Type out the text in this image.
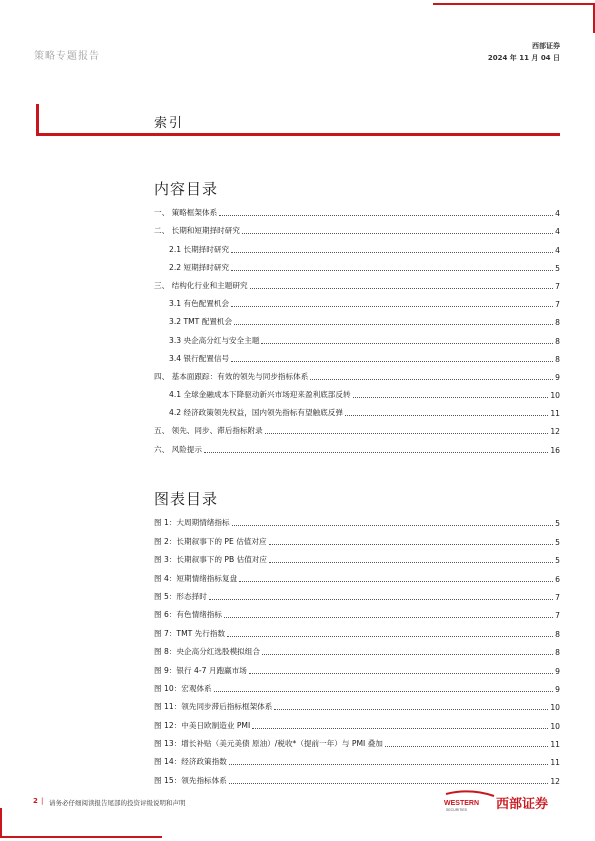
策略专题报告
西部证券
2024 年 11 月 04 日
索引
内容目录
一、 策略框架体系	4
二、 长期和短期择时研究	4
2.1 长期择时研究	4
2.2 短期择时研究	5
三、 结构化行业和主题研究	7
3.1 有色配置机会	7
3.2 TMT 配置机会	8
3.3 央企高分红与安全主题	8
3.4 银行配置信号	8
四、 基本面跟踪：有效的领先与同步指标体系	9
4.1 全球金融成本下降驱动新兴市场迎来盈利底部反转	10
4.2 经济政策领先权益，国内领先指标有望触底反弹	11
五、 领先、同步、滞后指标附录	12
六、 风险提示	16
图表目录
图 1：大周期情绪指标	5
图 2：长期叙事下的 PE 估值对应	5
图 3：长期叙事下的 PB 估值对应	5
图 4：短期情绪指标复盘	6
图 5：形态择时	7
图 6：有色情绪指标	7
图 7：TMT 先行指数	8
图 8：央企高分红选股模拟组合	8
图 9：银行 4-7 月跑赢市场	9
图 10：宏观体系	9
图 11：领先同步滞后指标框架体系	10
图 12：中美日欧制造业 PMI	10
图 13：增长补贴（美元美债 原油）/税收*（提前一年）与 PMI 叠加	11
图 14：经济政策指数	11
图 15：领先指标体系	12
2 | 请务必仔细阅读报告尾部的投资评级说明和声明	WESTERN
SECURITIES 西部证券
